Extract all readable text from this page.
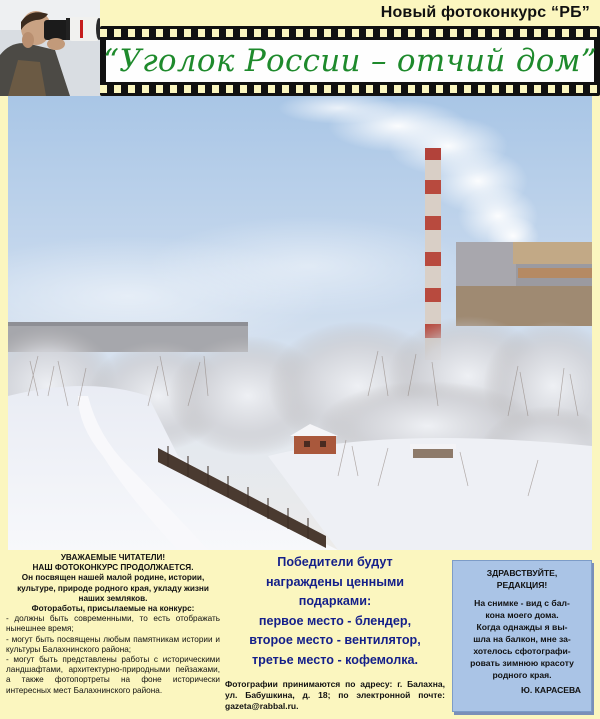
Новый фотоконкурс “РБ”
“Уголок России – отчий дом”
УВАЖАЕМЫЕ ЧИТАТЕЛИ!
НАШ ФОТОКОНКУРС ПРОДОЛЖАЕТСЯ.
Он посвящен нашей малой родине, истории, культуре, природе родного края, укладу жизни наших земляков.
Фотоработы, присылаемые на конкурс:
- должны быть современными, то есть отображать нынешнее время;
- могут быть посвящены любым памятникам истории и культуры Балахнинского района;
- могут быть представлены работы с историческими ландшафтами, архитектурно-природными пейзажами, а также фотопортреты на фоне исторически интересных мест Балахнинского района.
Победители будут
награждены ценными
подарками:
первое место - блендер,
второе место - вентилятор,
третье место - кофемолка.
Фотографии принимаются по адресу: г. Балахна, ул. Бабушкина, д. 18; по электронной почте: gazeta@rabbal.ru.
ЗДРАВСТВУЙТЕ,
РЕДАКЦИЯ!
На снимке - вид с бал-
кона моего дома.
Когда однажды я вы-
шла на балкон, мне за-
хотелось сфотографи-
ровать зимнюю красоту
родного края.
Ю. КАРАСЕВА
